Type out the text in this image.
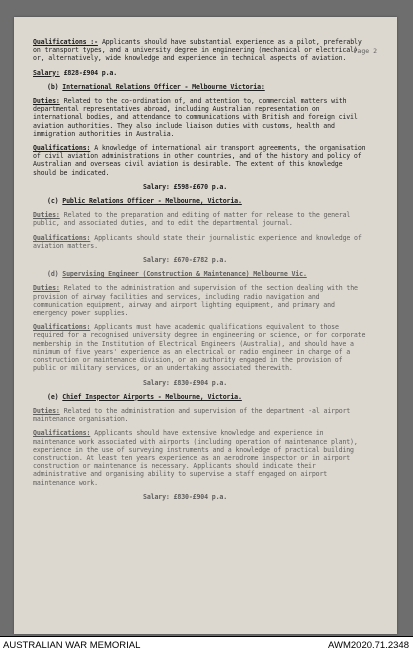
Page 2
Qualifications :- Applicants should have substantial experience as a pilot, preferably on transport types, and a university degree in engineering (mechanical or electrical) or, alternatively, wide knowledge and experience in technical aspects of aviation.
Salary: £828-£904 p.a.
(b) International Relations Officer - Melbourne Victoria:
Duties: Related to the co-ordination of, and attention to, commercial matters with departmental representatives abroad, including Australian representation on international bodies, and attendance to communications with British and foreign civil aviation authorities. They also include liaison duties with customs, health and immigration authorities in Australia.
Qualifications: A knowledge of international air transport agreements, the organisation of civil aviation administrations in other countries, and of the history and policy of Australian and overseas civil aviation is desirable. The extent of this knowledge should be indicated.
Salary: £598-£670 p.a.
(c) Public Relations Officer - Melbourne, Victoria.
Duties: Related to the preparation and editing of matter for release to the general public, and associated duties, and to edit the departmental journal.
Qualifications: Applicants should state their journalistic experience and knowledge of aviation matters.
Salary: £670-£782 p.a.
(d) Supervising Engineer (Construction & Maintenance) Melbourne Vic.
Duties: Related to the administration and supervision of the section dealing with the provision of airway facilities and services, including radio navigation and communication equipment, airway and airport lighting equipment, and primary and emergency power supplies.
Qualifications: Applicants must have academic qualifications equivalent to those required for a recognised university degree in engineering or science, or for corporate membership in the Institution of Electrical Engineers (Australia), and should have a minimum of five years' experience as an electrical or radio engineer in charge of a construction or maintenance division, or an authority engaged in the provision of public or military services, or an undertaking associated therewith.
Salary: £830-£904 p.a.
(e) Chief Inspector Airports - Melbourne, Victoria.
Duties: Related to the administration and supervision of the department -al airport maintenance organisation.
Qualifications: Applicants should have extensive knowledge and experience in maintenance work associated with airports (including operation of maintenance plant), experience in the use of surveying instruments and a knowledge of practical building construction. At least ten years experience as an aerodrome inspector or in airport construction or maintenance is necessary. Applicants should indicate their administrative and organising ability to supervise a staff engaged on airport maintenance work.
Salary: £830-£904 p.a.
AUSTRALIAN WAR MEMORIAL	AWM2020.71.2348
